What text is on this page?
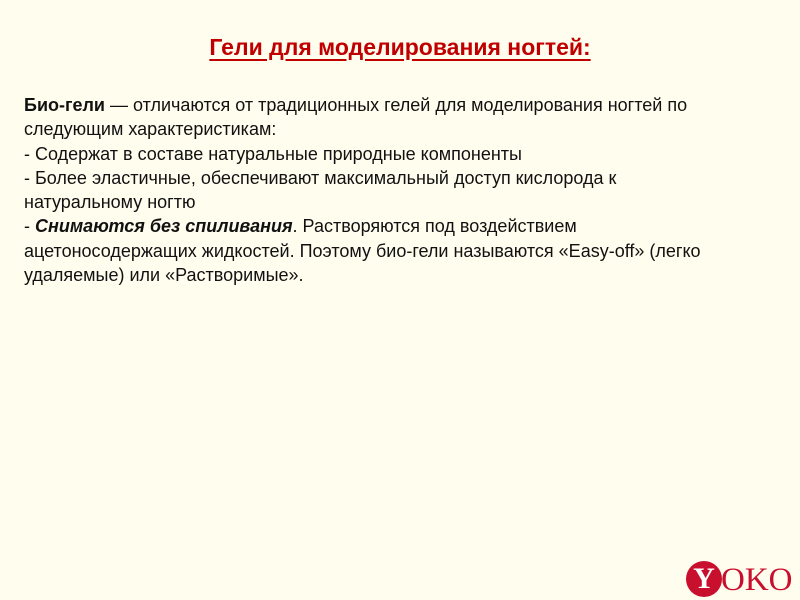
Гели для моделирования ногтей:
Био-гели — отличаются от традиционных гелей для моделирования ногтей по
следующим характеристикам:
- Содержат в составе натуральные природные компоненты
- Более эластичные, обеспечивают максимальный доступ кислорода к
натуральному ногтю
- Снимаются без спиливания. Растворяются под воздействием
ацетоносодержащих жидкостей. Поэтому био-гели называются «Easy-off» (легко
удаляемые) или «Растворимые».
Y OKO
